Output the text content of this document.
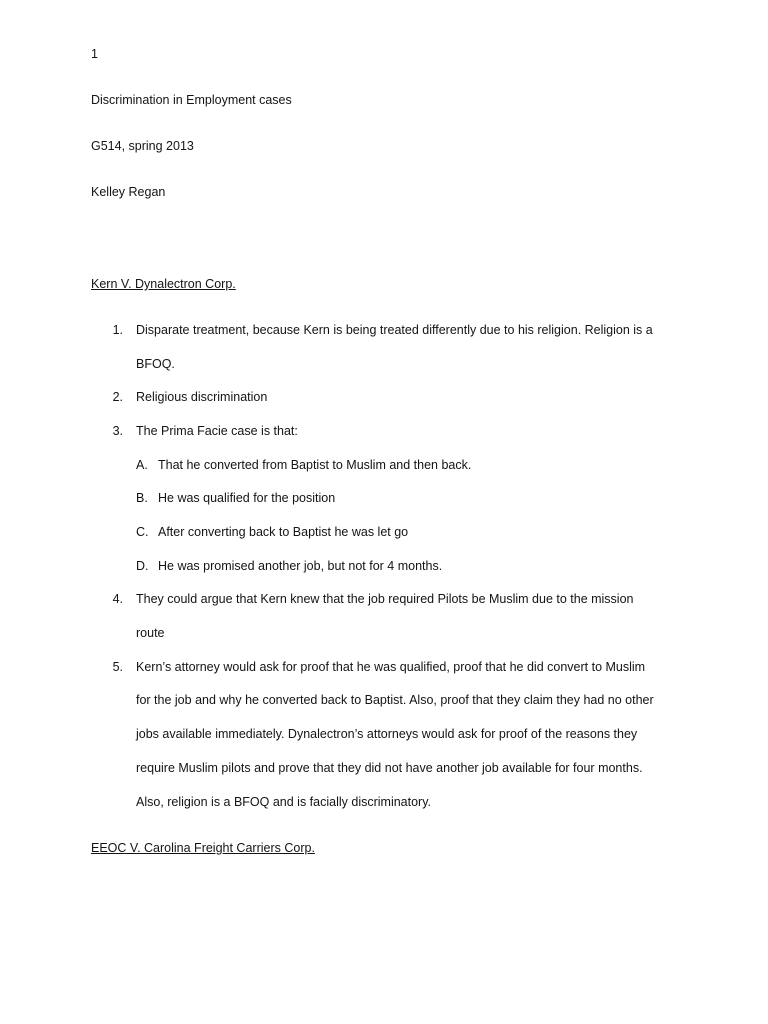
1
Discrimination in Employment cases
G514, spring 2013
Kelley Regan
Kern V. Dynalectron Corp.
1. Disparate treatment, because Kern is being treated differently due to his religion. Religion is a
BFOQ.
2. Religious discrimination
3. The Prima Facie case is that:
A. That he converted from Baptist to Muslim and then back.
B. He was qualified for the position
C. After converting back to Baptist he was let go
D. He was promised another job, but not for 4 months.
4. They could argue that Kern knew that the job required Pilots be Muslim due to the mission
route
5. Kern’s attorney would ask for proof that he was qualified, proof that he did convert to Muslim
for the job and why he converted back to Baptist. Also, proof that they claim they had no other
jobs available immediately. Dynalectron’s attorneys would ask for proof of the reasons they
require Muslim pilots and prove that they did not have another job available for four months.
Also, religion is a BFOQ and is facially discriminatory.
EEOC V. Carolina Freight Carriers Corp.
